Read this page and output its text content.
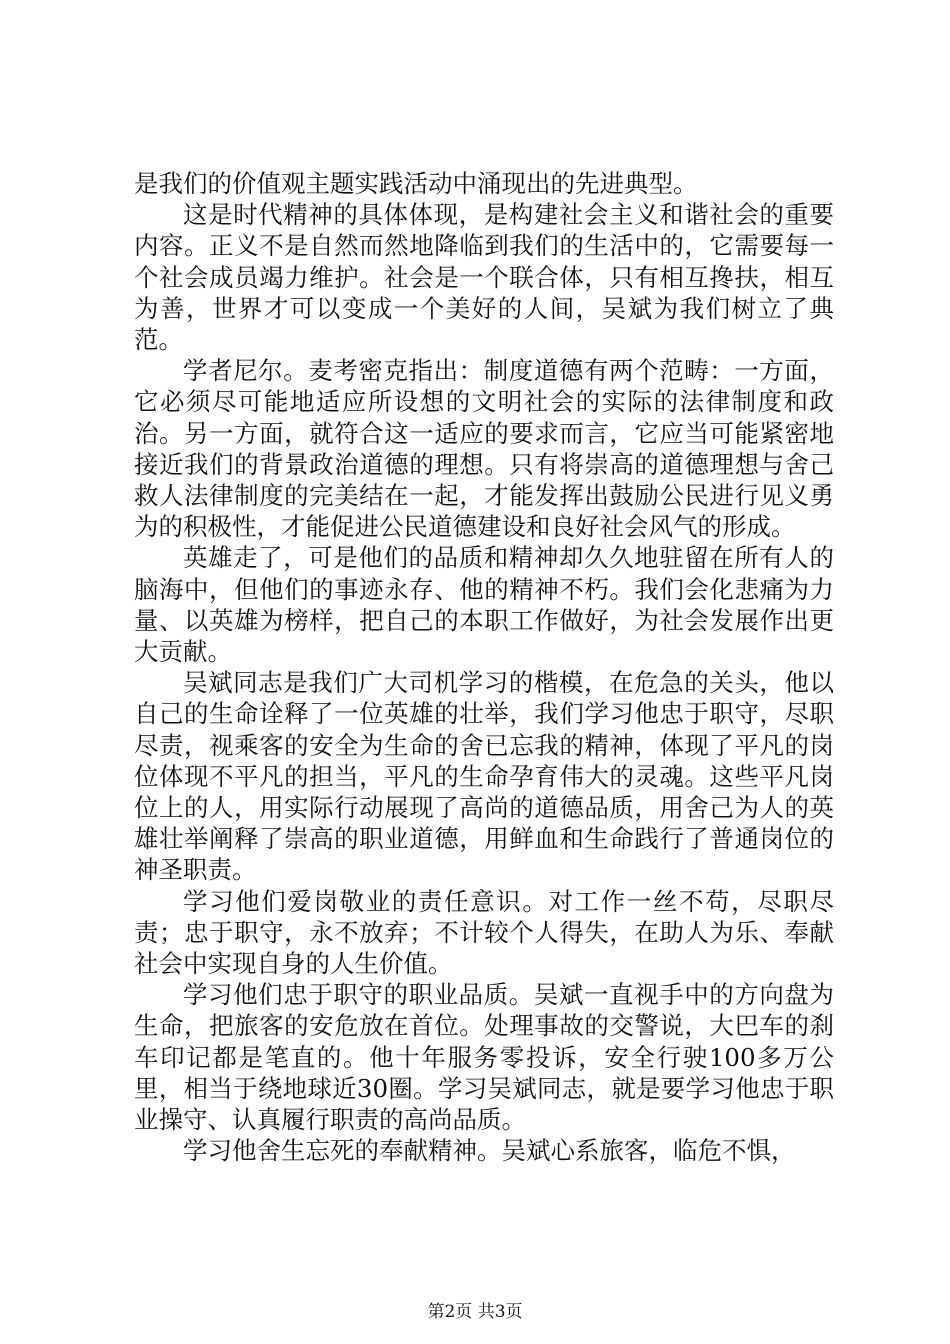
是我们的价值观主题实践活动中涌现出的先进典型。

这是时代精神的具体体现，是构建社会主义和谐社会的重要内容。正义不是自然而然地降临到我们的生活中的，它需要每一个社会成员竭力维护。社会是一个联合体，只有相互搀扶，相互为善，世界才可以变成一个美好的人间，吴斌为我们树立了典范。

学者尼尔。麦考密克指出：制度道德有两个范畴：一方面，它必须尽可能地适应所设想的文明社会的实际的法律制度和政治。另一方面，就符合这一适应的要求而言，它应当可能紧密地接近我们的背景政治道德的理想。只有将崇高的道德理想与舍己救人法律制度的完美结在一起，才能发挥出鼓励公民进行见义勇为的积极性，才能促进公民道德建设和良好社会风气的形成。

英雄走了，可是他们的品质和精神却久久地驻留在所有人的脑海中，但他们的事迹永存、他的精神不朽。我们会化悲痛为力量、以英雄为榜样，把自己的本职工作做好，为社会发展作出更大贡献。

吴斌同志是我们广大司机学习的楷模，在危急的关头，他以自己的生命诠释了一位英雄的壮举，我们学习他忠于职守，尽职尽责，视乘客的安全为生命的舍已忘我的精神，体现了平凡的岗位体现不平凡的担当，平凡的生命孕育伟大的灵魂。这些平凡岗位上的人，用实际行动展现了高尚的道德品质，用舍己为人的英雄壮举阐释了崇高的职业道德，用鲜血和生命践行了普通岗位的神圣职责。

学习他们爱岗敬业的责任意识。对工作一丝不苟，尽职尽责；忠于职守，永不放弃；不计较个人得失，在助人为乐、奉献社会中实现自身的人生价值。

学习他们忠于职守的职业品质。吴斌一直视手中的方向盘为生命，把旅客的安危放在首位。处理事故的交警说，大巴车的刹车印记都是笔直的。他十年服务零投诉，安全行驶100多万公里，相当于绕地球近30圈。学习吴斌同志，就是要学习他忠于职业操守、认真履行职责的高尚品质。

学习他舍生忘死的奉献精神。吴斌心系旅客，临危不惧，

第2页 共3页
